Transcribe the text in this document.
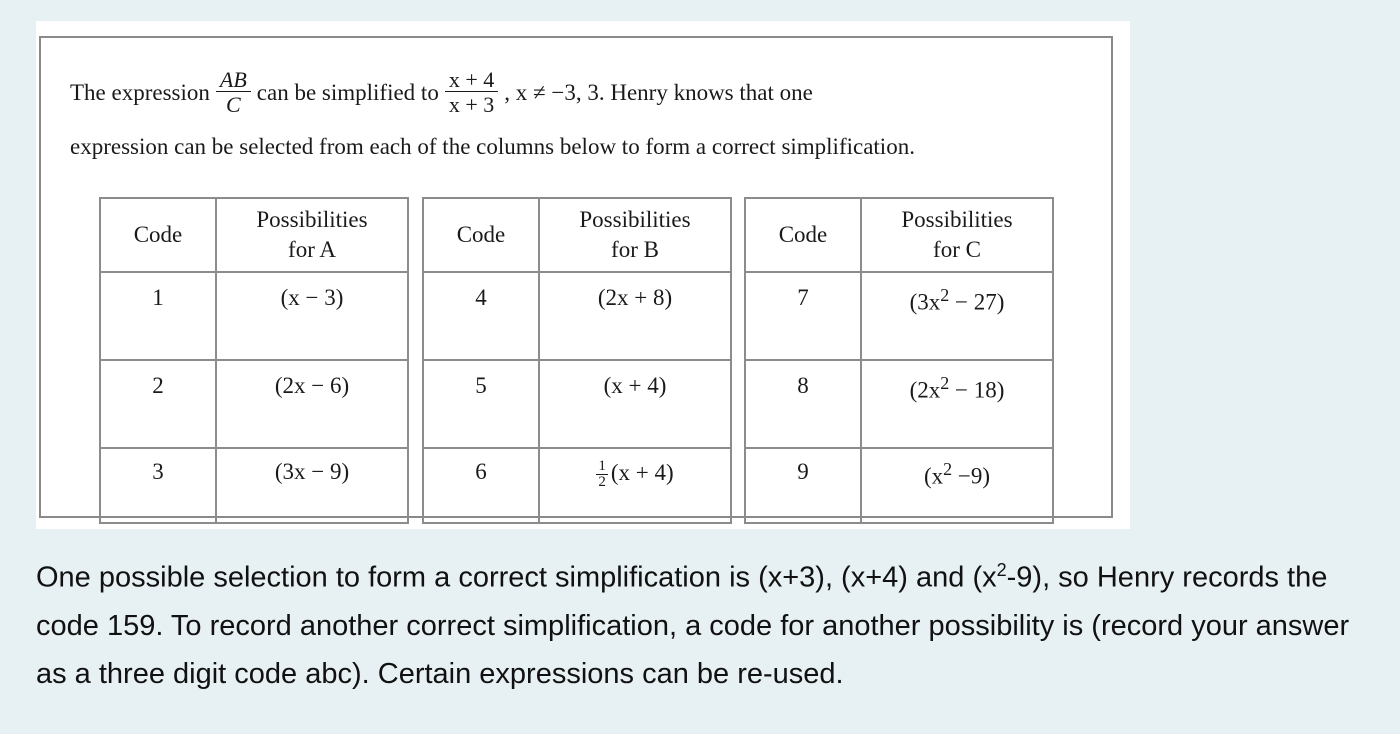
The expression $\frac{AB}{C}$ can be simplified to $\frac{x + 4}{x + 3}$ , x ≠ −3, 3. Henry knows that one
expression can be selected from each of the columns below to form a correct simplification.
Code	Possibilities
for A
1	(x − 3)
2	(2x − 6)
3	(3x − 9)
Code	Possibilities
for B
4	(2x + 8)
5	(x + 4)
6	$\frac{1}{2} (x + 4)$
Code	Possibilities
for C
7	$(3x^2 - 27)$
8	$(2x^2 - 18)$
9	$(x^2 -9)$
One possible selection to form a correct simplification is (x+3), (x+4) and $(x^2-9)$, so Henry records the code 159. To record another correct simplification, a code for another possibility is (record your answer as a three digit code abc). Certain expressions can be re-used.
